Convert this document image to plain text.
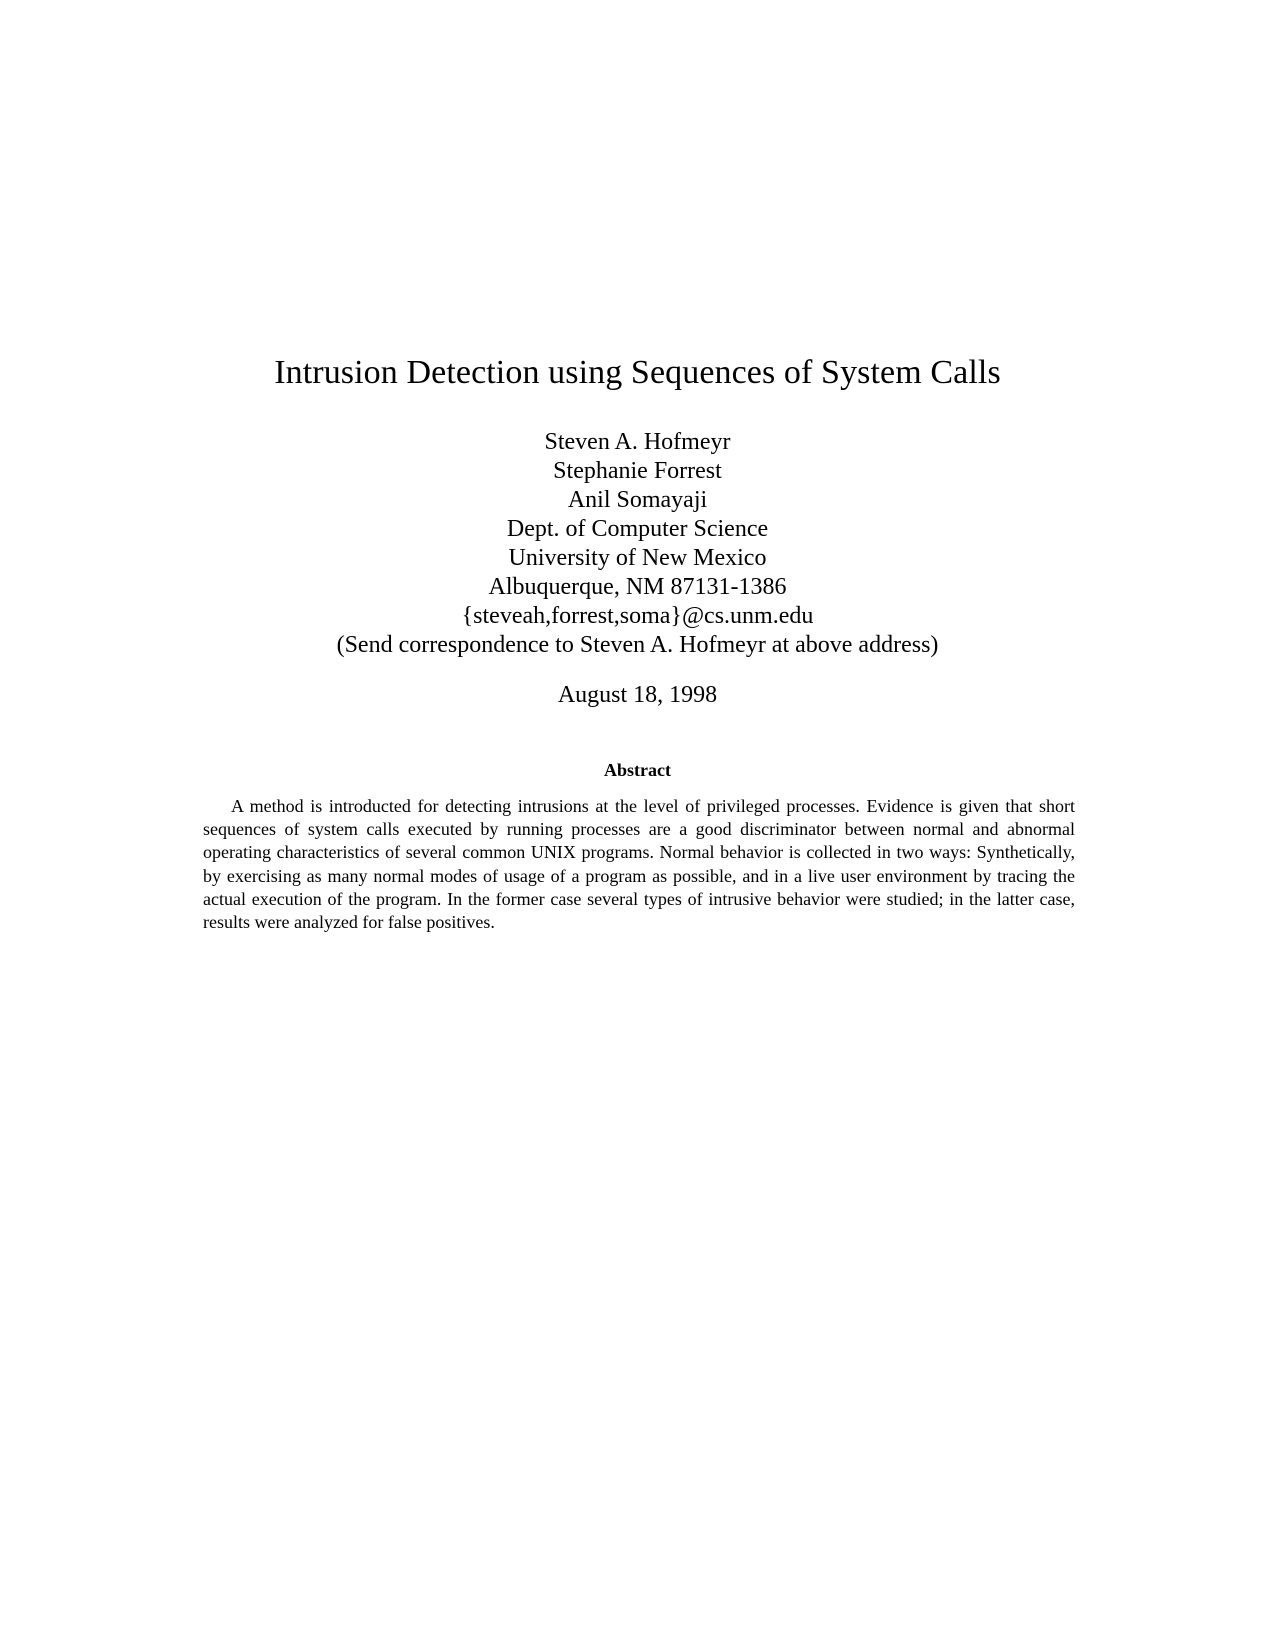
Intrusion Detection using Sequences of System Calls
Steven A. Hofmeyr
Stephanie Forrest
Anil Somayaji
Dept. of Computer Science
University of New Mexico
Albuquerque, NM 87131-1386
{steveah,forrest,soma}@cs.unm.edu
(Send correspondence to Steven A. Hofmeyr at above address)
August 18, 1998
Abstract

A method is introducted for detecting intrusions at the level of privileged processes. Evidence is given that short sequences of system calls executed by running processes are a good discriminator between normal and abnormal operating characteristics of several common UNIX programs. Normal behavior is collected in two ways: Synthetically, by exercising as many normal modes of usage of a program as possible, and in a live user environment by tracing the actual execution of the program. In the former case several types of intrusive behavior were studied; in the latter case, results were analyzed for false positives.
